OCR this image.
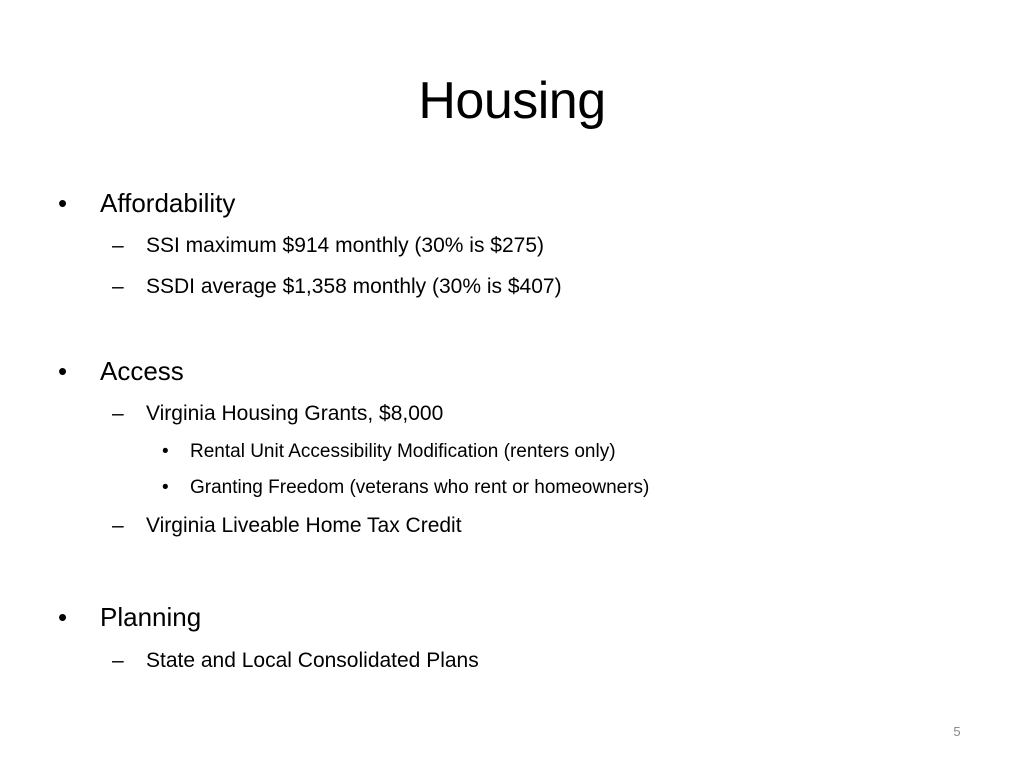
Housing
• Affordability
– SSI maximum $914 monthly (30% is $275)
– SSDI average $1,358 monthly (30% is $407)
• Access
– Virginia Housing Grants, $8,000
• Rental Unit Accessibility Modification (renters only)
• Granting Freedom (veterans who rent or homeowners)
– Virginia Liveable Home Tax Credit
• Planning
– State and Local Consolidated Plans
5
